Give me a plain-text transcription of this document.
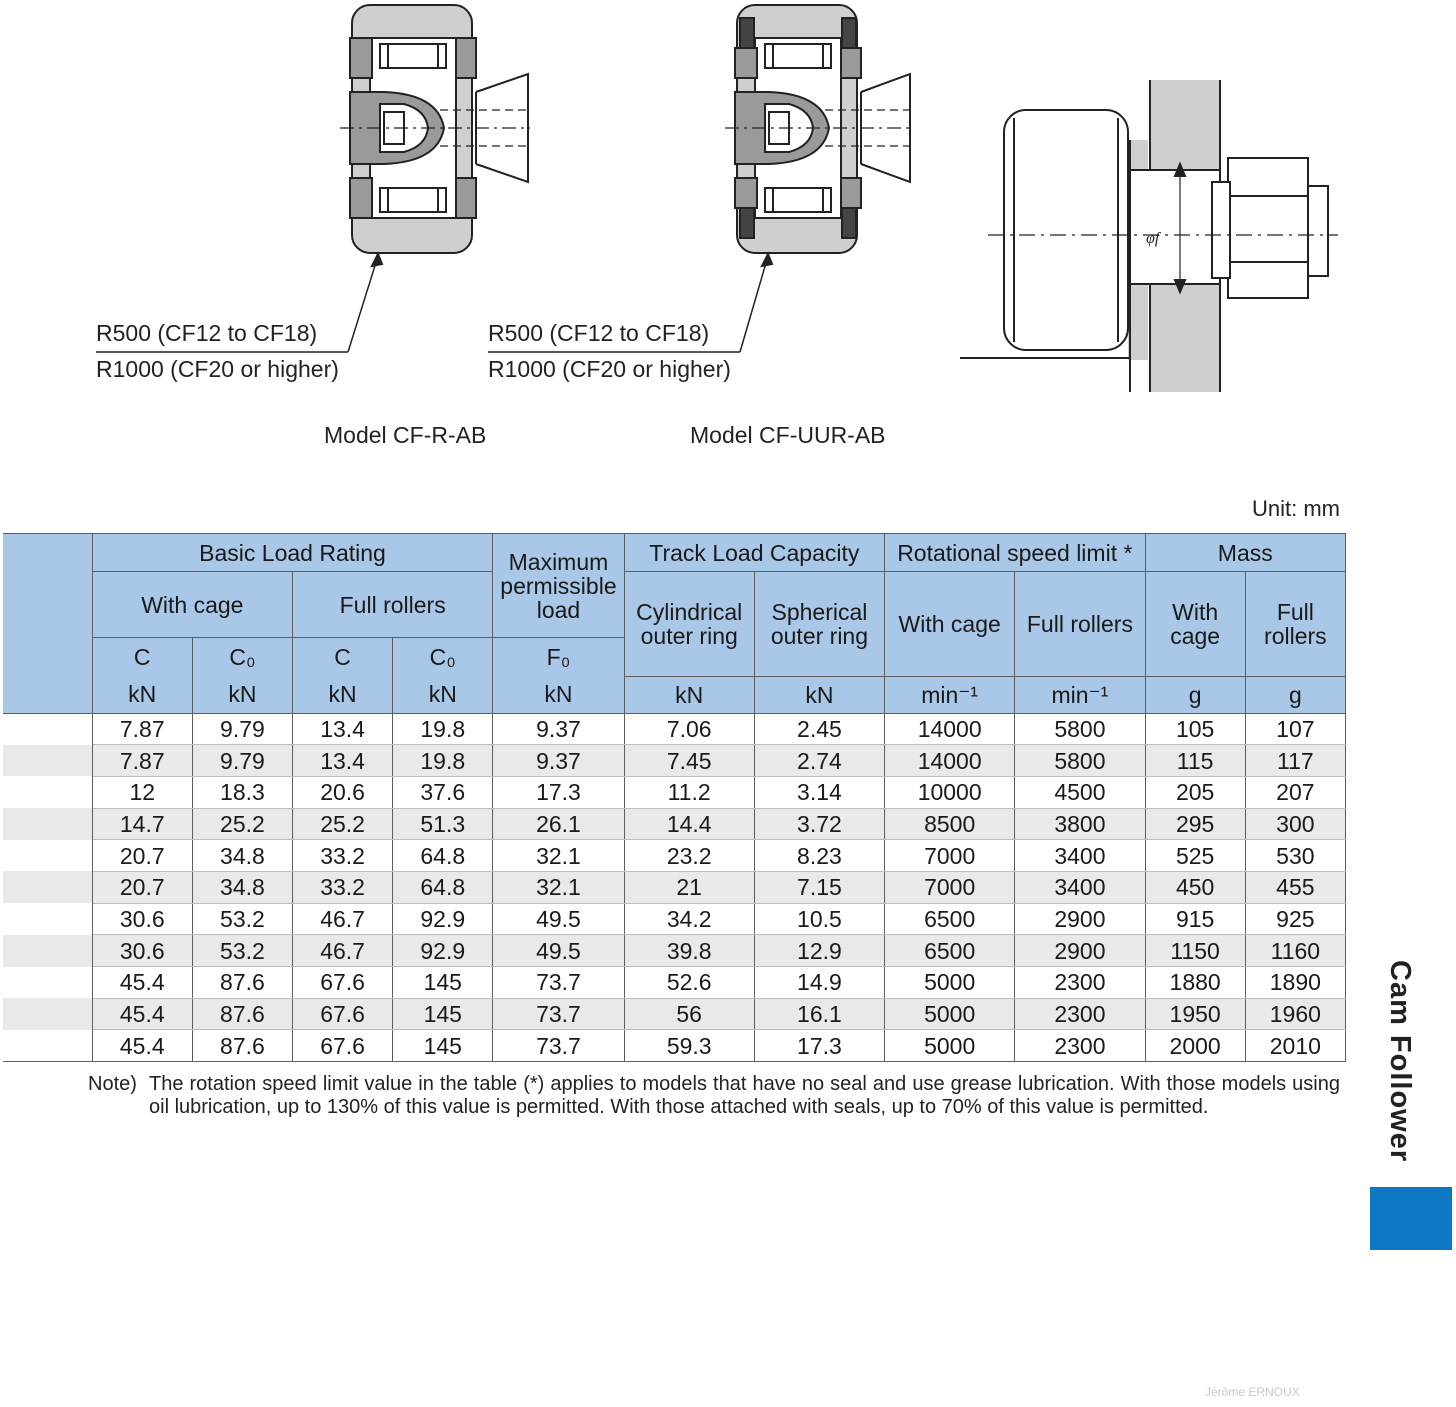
φf
R500 (CF12 to CF18)
R1000 (CF20 or higher)
Model CF-R-AB
R500 (CF12 to CF18)
R1000 (CF20 or higher)
Model CF-UUR-AB
Unit: mm
	Basic Load Rating				Maximum permissible load	Track Load Capacity		Rotational speed limit *		Mass	
	With cage		Full rollers			Cylindrical outer ring	Spherical outer ring	With cage	Full rollers	With cage	Full rollers
	C	C₀	C	C₀	F₀						
	kN	kN	kN	kN	kN	kN	kN	min⁻¹	min⁻¹	g	g
	7.87	9.79	13.4	19.8	9.37	7.06	2.45	14000	5800	105	107
	7.87	9.79	13.4	19.8	9.37	7.45	2.74	14000	5800	115	117
	12	18.3	20.6	37.6	17.3	11.2	3.14	10000	4500	205	207
	14.7	25.2	25.2	51.3	26.1	14.4	3.72	8500	3800	295	300
	20.7	34.8	33.2	64.8	32.1	23.2	8.23	7000	3400	525	530
	20.7	34.8	33.2	64.8	32.1	21	7.15	7000	3400	450	455
	30.6	53.2	46.7	92.9	49.5	34.2	10.5	6500	2900	915	925
	30.6	53.2	46.7	92.9	49.5	39.8	12.9	6500	2900	1150	1160
	45.4	87.6	67.6	145	73.7	52.6	14.9	5000	2300	1880	1890
	45.4	87.6	67.6	145	73.7	56	16.1	5000	2300	1950	1960
	45.4	87.6	67.6	145	73.7	59.3	17.3	5000	2300	2000	2010
Note) The rotation speed limit value in the table (*) applies to models that have no seal and use grease lubrication. With those models using oil lubrication, up to 130% of this value is permitted. With those attached with seals, up to 70% of this value is permitted.	Cam Follower
Jérôme ERNOUX
